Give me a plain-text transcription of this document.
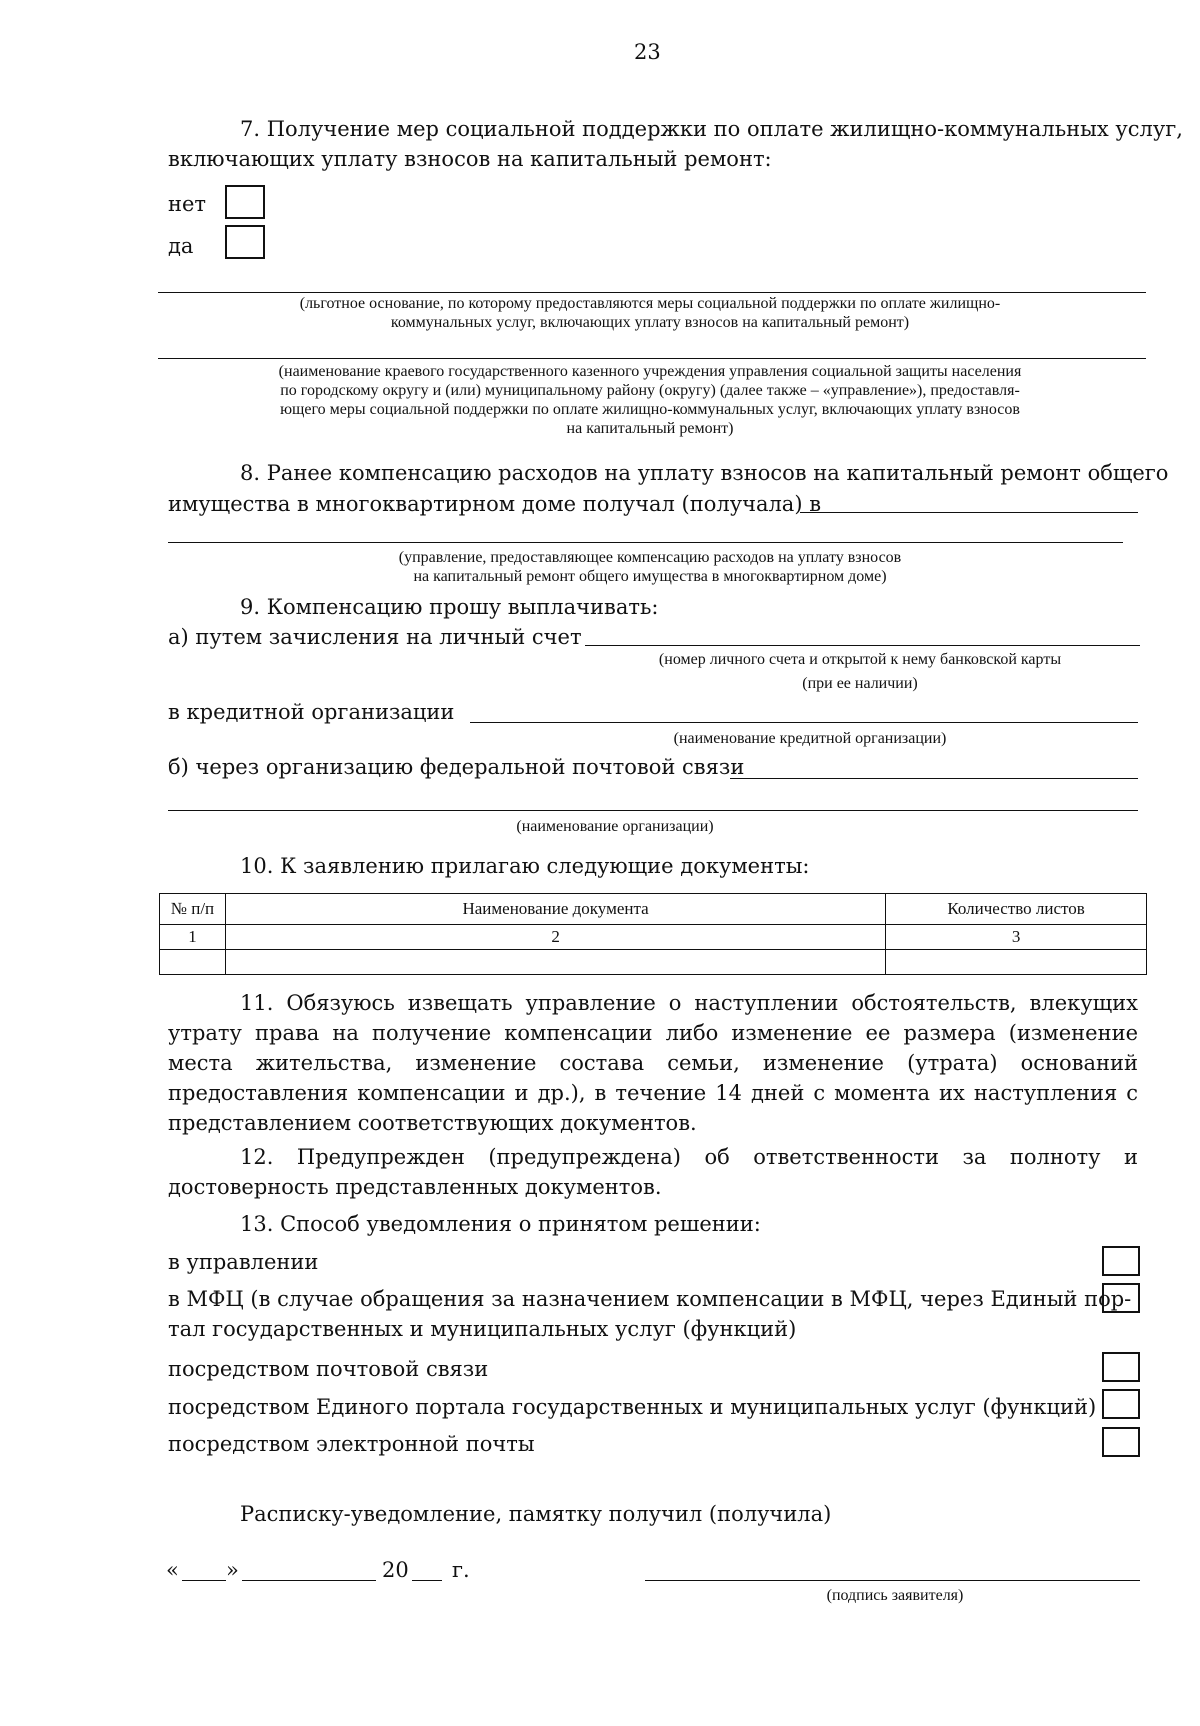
23
7. Получение мер социальной поддержки по оплате жилищно-коммунальных услуг,
включающих уплату взносов на капитальный ремонт:
нет
да
(льготное основание, по которому предоставляются меры социальной поддержки по оплате жилищно-
коммунальных услуг, включающих уплату взносов на капитальный ремонт)
(наименование краевого государственного казенного учреждения управления социальной защиты населения
по городскому округу и (или) муниципальному району (округу) (далее также – «управление»), предоставля-
ющего меры социальной поддержки по оплате жилищно-коммунальных услуг, включающих уплату взносов
на капитальный ремонт)
8. Ранее компенсацию расходов на уплату взносов на капитальный ремонт общего
имущества в многоквартирном доме получал (получала) в
(управление, предоставляющее компенсацию расходов на уплату взносов
на капитальный ремонт общего имущества в многоквартирном доме)
9. Компенсацию прошу выплачивать:
а) путем зачисления на личный счет
(номер личного счета и открытой к нему банковской карты
(при ее наличии)
в кредитной организации
(наименование кредитной организации)
б) через организацию федеральной почтовой связи
(наименование организации)
10. К заявлению прилагаю следующие документы:
№ п/п	Наименование документа	Количество листов
1	2	3

11. Обязуюсь извещать управление о наступлении обстоятельств, влекущих утрату права на получение компенсации либо изменение ее размера (изменение места жительства, изменение состава семьи, изменение (утрата) оснований предоставления компенсации и др.), в течение 14 дней с момента их наступления с представлением соответствующих документов.
12. Предупрежден (предупреждена) об ответственности за полноту и достоверность представленных документов.
13. Способ уведомления о принятом решении:
в управлении
в МФЦ (в случае обращения за назначением компенсации в МФЦ, через Единый пор-
тал государственных и муниципальных услуг (функций)
посредством почтовой связи
посредством Единого портала государственных и муниципальных услуг (функций)
посредством электронной почты
Расписку-уведомление, памятку получил (получила)
« »	20 г.
(подпись заявителя)
